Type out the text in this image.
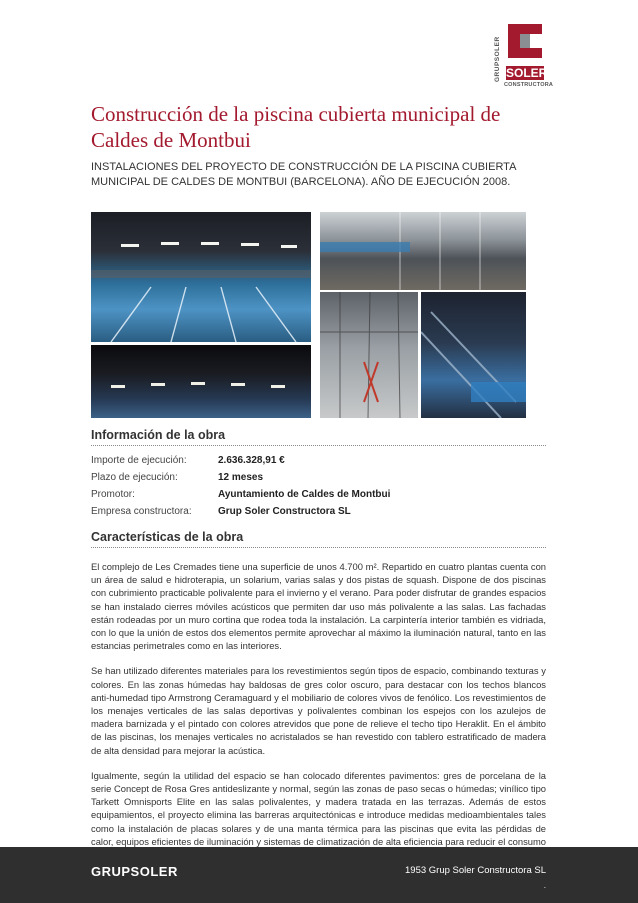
GRUPSOLER SOLER
CONSTRUCTORA
Construcción de la piscina cubierta municipal de Caldes de Montbui
INSTALACIONES DEL PROYECTO DE CONSTRUCCIÓN DE LA PISCINA CUBIERTA MUNICIPAL DE CALDES DE MONTBUI (BARCELONA). AÑO DE EJECUCIÓN 2008.
Información de la obra
Importe de ejecución:	2.636.328,91 €
Plazo de ejecución:	12 meses
Promotor:	Ayuntamiento de Caldes de Montbui
Empresa constructora:	Grup Soler Constructora SL
Características de la obra

El complejo de Les Cremades tiene una superficie de unos 4.700 m². Repartido en cuatro plantas cuenta con un área de salud e hidroterapia, un solarium, varias salas y dos pistas de squash. Dispone de dos piscinas con cubrimiento practicable polivalente para el invierno y el verano. Para poder disfrutar de grandes espacios se han instalado cierres móviles acústicos que permiten dar uso más polivalente a las salas. Las fachadas están rodeadas por un muro cortina que rodea toda la instalación. La carpintería interior también es vidriada, con lo que la unión de estos dos elementos permite aprovechar al máximo la iluminación natural, tanto en las estancias perimetrales como en las interiores.

Se han utilizado diferentes materiales para los revestimientos según tipos de espacio, combinando texturas y colores. En las zonas húmedas hay baldosas de gres color oscuro, para destacar con los techos blancos anti-humedad tipo Armstrong Ceramaguard y el mobiliario de colores vivos de fenólico. Los revestimientos de los menajes verticales de las salas deportivas y polivalentes combinan los espejos con los azulejos de madera barnizada y el pintado con colores atrevidos que pone de relieve el techo tipo Heraklit. En el ámbito de las piscinas, los menajes verticales no acristalados se han revestido con tablero estratificado de madera de alta densidad para mejorar la acústica.

Igualmente, según la utilidad del espacio se han colocado diferentes pavimentos: gres de porcelana de la serie Concept de Rosa Gres antideslizante y normal, según las zonas de paso secas o húmedas; vinílico tipo Tarkett Omnisports Elite en las salas polivalentes, y madera tratada en las terrazas. Además de estos equipamientos, el proyecto elimina las barreras arquitectónicas e introduce medidas medioambientales tales como la instalación de placas solares y de una manta térmica para las piscinas que evita las pérdidas de calor, equipos eficientes de iluminación y sistemas de climatización de alta eficiencia para reducir el consumo

GRUPSOLER	1953 Grup Soler Constructora SL
.
